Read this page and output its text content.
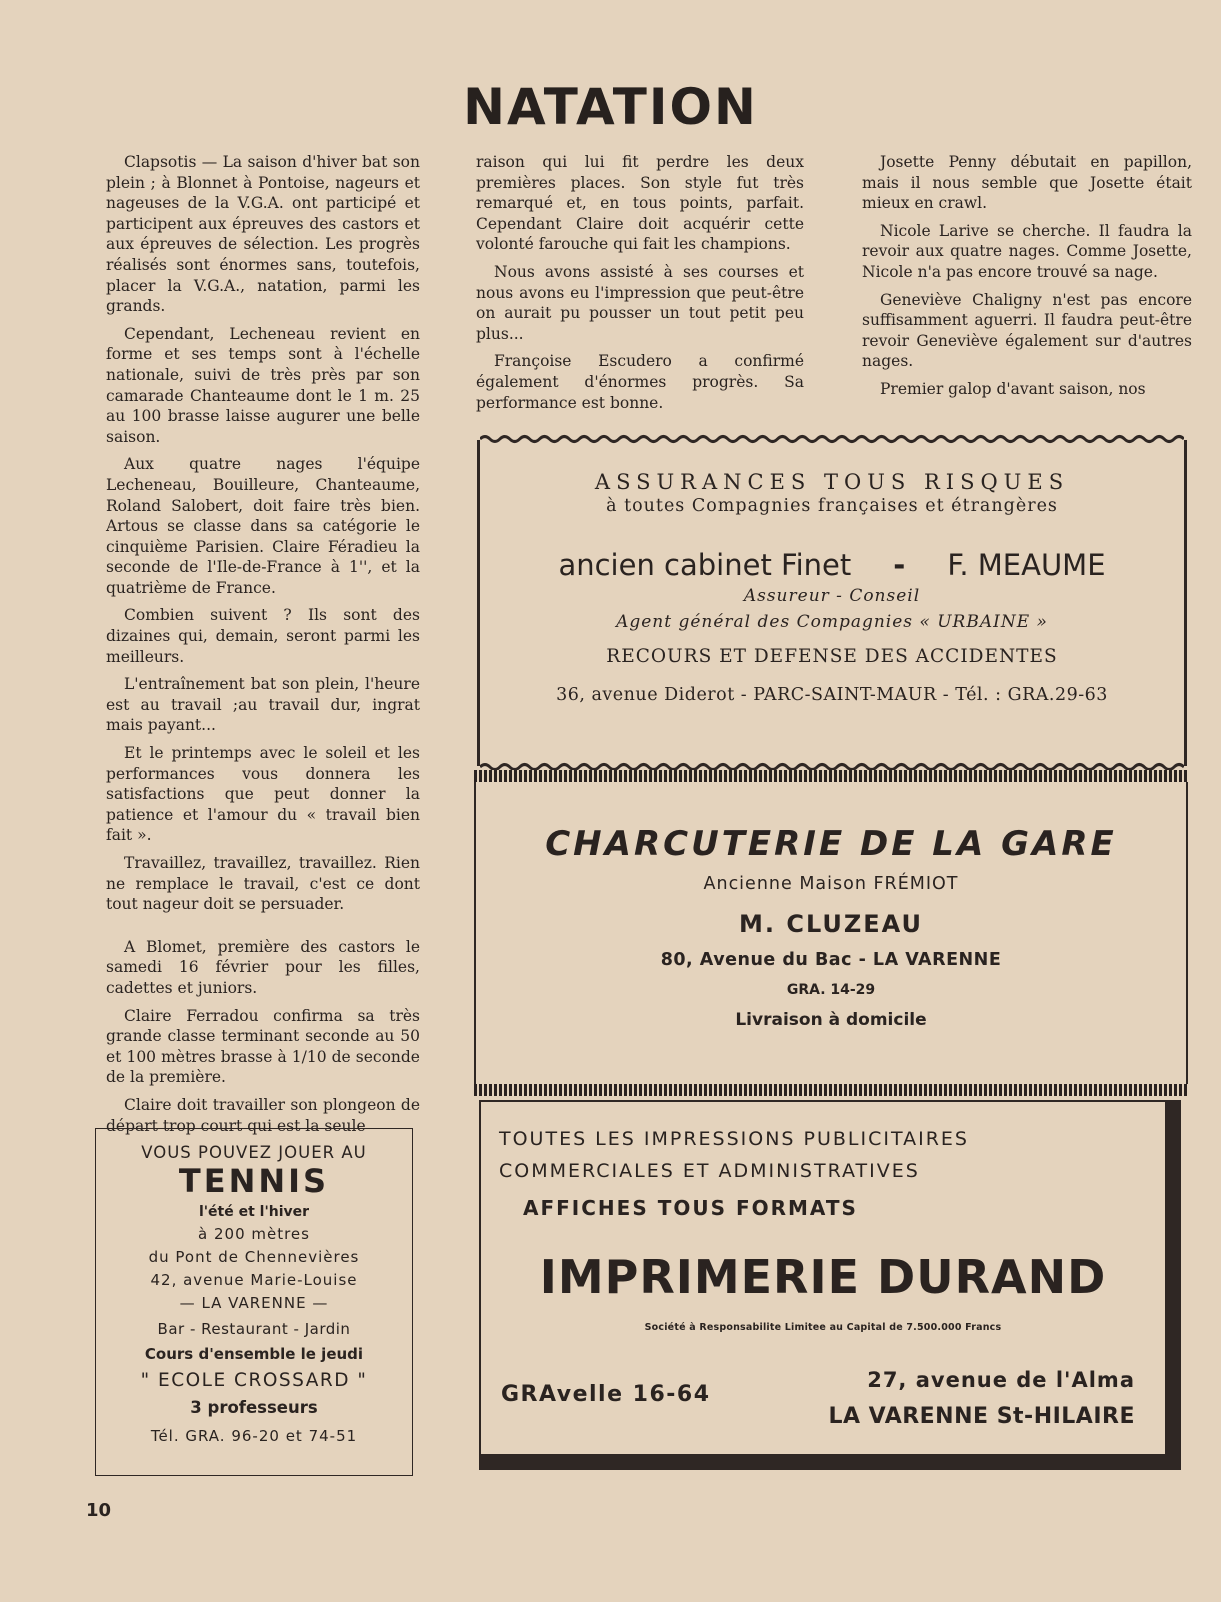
NATATION

Clapsotis — La saison d'hiver bat son plein ; à Blonnet à Pontoise, nageurs et nageuses de la V.G.A. ont participé et participent aux épreuves des castors et aux épreuves de sélection. Les progrès réalisés sont énormes sans, toutefois, placer la V.G.A., natation, parmi les grands.

Cependant, Lecheneau revient en forme et ses temps sont à l'échelle nationale, suivi de très près par son camarade Chanteaume dont le 1 m. 25 au 100 brasse laisse augurer une belle saison.

Aux quatre nages l'équipe Lecheneau, Bouilleure, Chanteaume, Roland Salobert, doit faire très bien. Artous se classe dans sa catégorie le cinquième Parisien. Claire Féradieu la seconde de l'Ile-de-France à 1'', et la quatrième de France.

Combien suivent ? Ils sont des dizaines qui, demain, seront parmi les meilleurs.

L'entraînement bat son plein, l'heure est au travail ;au travail dur, ingrat mais payant...

Et le printemps avec le soleil et les performances vous donnera les satisfactions que peut donner la patience et l'amour du « travail bien fait ».

Travaillez, travaillez, travaillez. Rien ne remplace le travail, c'est ce dont tout nageur doit se persuader.

A Blomet, première des castors le samedi 16 février pour les filles, cadettes et juniors.

Claire Ferradou confirma sa très grande classe terminant seconde au 50 et 100 mètres brasse à 1/10 de seconde de la première.

Claire doit travailler son plongeon de départ trop court qui est la seule

raison qui lui fit perdre les deux premières places. Son style fut très remarqué et, en tous points, parfait. Cependant Claire doit acquérir cette volonté farouche qui fait les champions.

Nous avons assisté à ses courses et nous avons eu l'impression que peut-être on aurait pu pousser un tout petit peu plus...

Françoise Escudero a confirmé également d'énormes progrès. Sa performance est bonne.

Josette Penny débutait en papillon, mais il nous semble que Josette était mieux en crawl.

Nicole Larive se cherche. Il faudra la revoir aux quatre nages. Comme Josette, Nicole n'a pas encore trouvé sa nage.

Geneviève Chaligny n'est pas encore suffisamment aguerri. Il faudra peut-être revoir Geneviève également sur d'autres nages.

Premier galop d'avant saison, nos

ASSURANCES TOUS RISQUES
à toutes Compagnies françaises et étrangères
ancien cabinet Finet - F. MEAUME
Assureur - Conseil
Agent général des Compagnies « URBAINE »
RECOURS ET DEFENSE DES ACCIDENTES
36, avenue Diderot - PARC-SAINT-MAUR - Tél. : GRA.29-63
CHARCUTERIE DE LA GARE
Ancienne Maison FRÉMIOT
M. CLUZEAU
80, Avenue du Bac - LA VARENNE
GRA. 14-29
Livraison à domicile
VOUS POUVEZ JOUER AU
TENNIS
l'été et l'hiver
à 200 mètres
du Pont de Chennevières
42, avenue Marie-Louise
— LA VARENNE —
Bar - Restaurant - Jardin
Cours d'ensemble le jeudi
" ECOLE CROSSARD "
3 professeurs
Tél. GRA. 96-20 et 74-51
TOUTES LES IMPRESSIONS PUBLICITAIRES
COMMERCIALES ET ADMINISTRATIVES
AFFICHES TOUS FORMATS
IMPRIMERIE DURAND
Société à Responsabilite Limitee au Capital de 7.500.000 Francs
GRAvelle 16-64
27, avenue de l'Alma
LA VARENNE St-HILAIRE
10
